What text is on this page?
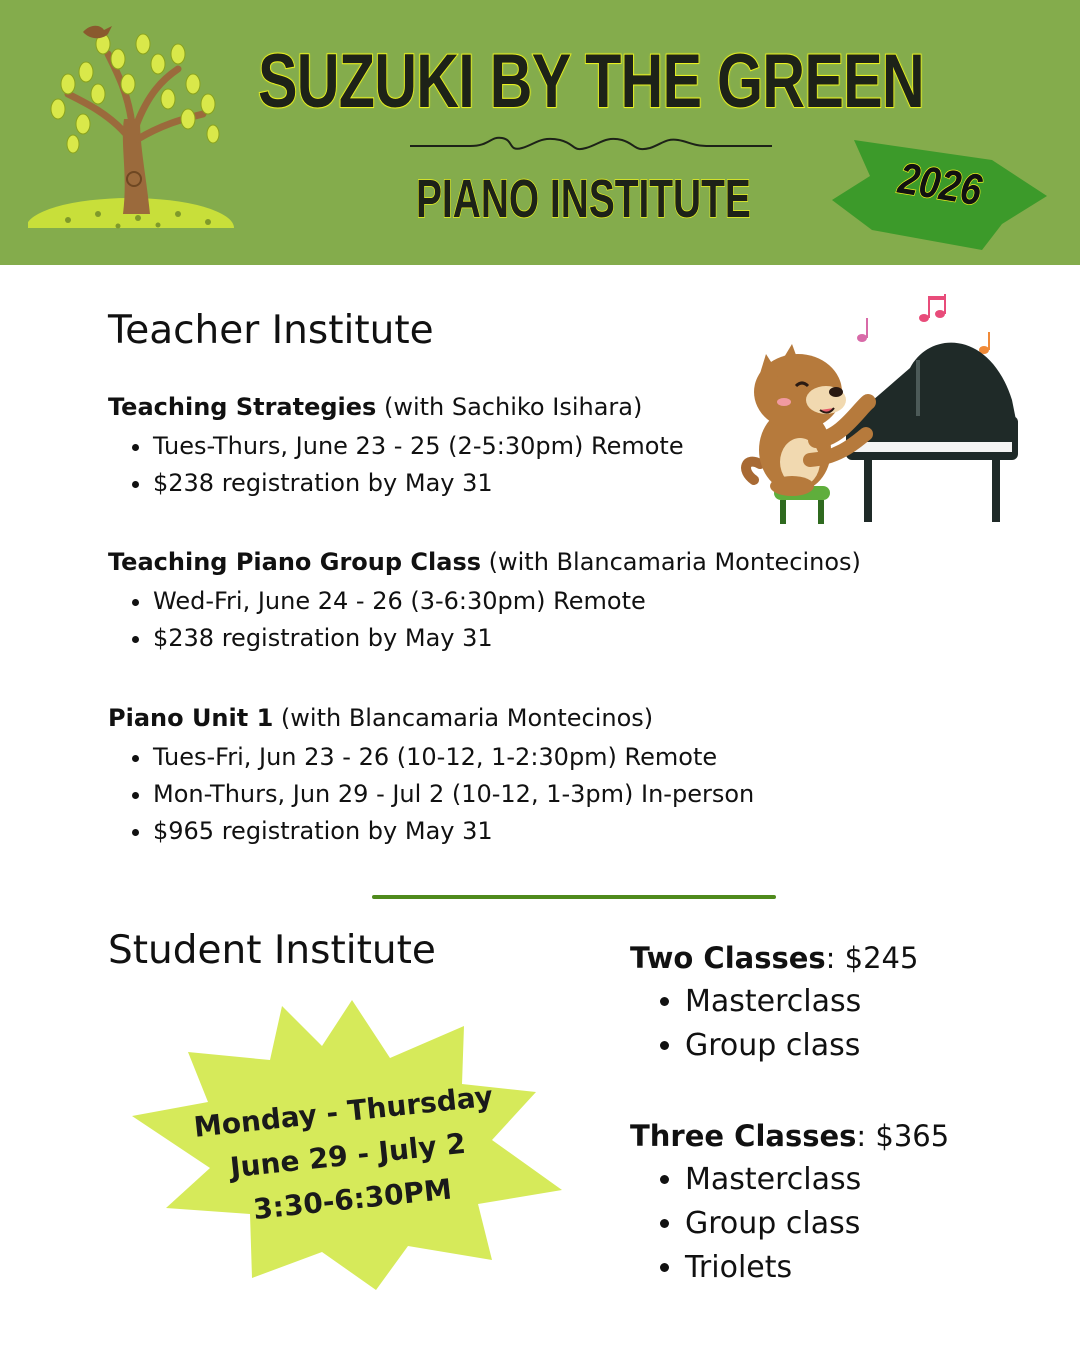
SUZUKI BY THE GREEN
PIANO INSTITUTE	2026
Teacher Institute

Teaching Strategies (with Sachiko Isihara)

• Tues-Thurs, June 23 - 25 (2-5:30pm) Remote
• $238 registration by May 31

Teaching Piano Group Class (with Blancamaria Montecinos)

• Wed-Fri, June 24 - 26 (3-6:30pm) Remote
• $238 registration by May 31

Piano Unit 1 (with Blancamaria Montecinos)

• Tues-Fri, Jun 23 - 26 (10-12, 1-2:30pm) Remote
• Mon-Thurs, Jun 29 - Jul 2 (10-12, 1-3pm) In-person
• $965 registration by May 31
Student Institute
Monday - Thursday
June 29 - July 2
3:30-6:30PM

Two Classes: $245

• Masterclass
• Group class

Three Classes: $365

• Masterclass
• Group class
• Triolets
